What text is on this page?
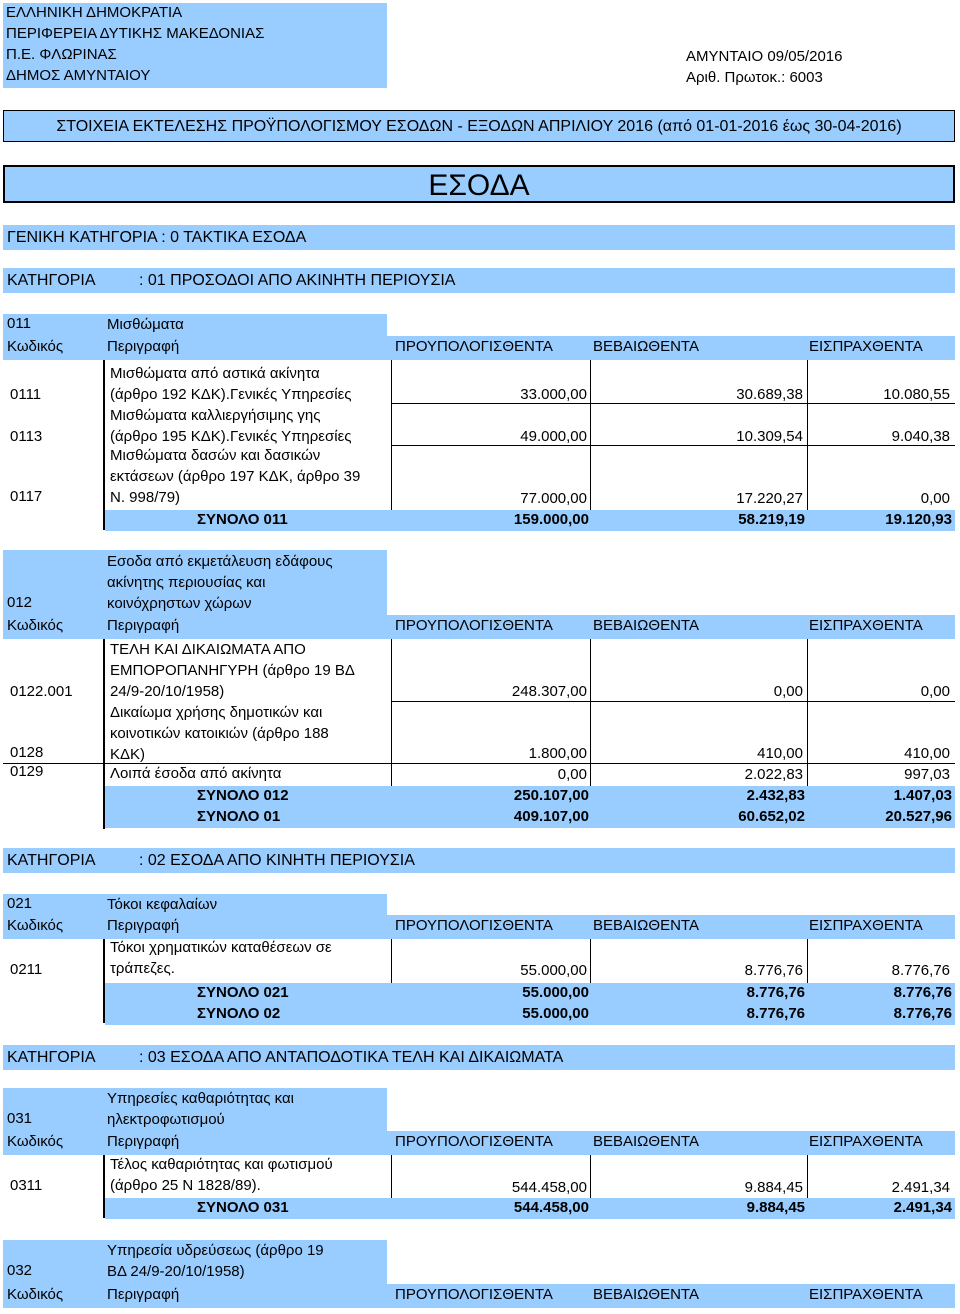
ΕΛΛΗΝΙΚΗ ΔΗΜΟΚΡΑΤΙΑ
ΠΕΡΙΦΕΡΕΙΑ ΔΥΤΙΚΗΣ ΜΑΚΕΔΟΝΙΑΣ
Π.Ε. ΦΛΩΡΙΝΑΣ
ΔΗΜΟΣ ΑΜΥΝΤΑΙΟΥ
ΑΜΥΝΤΑΙΟ 09/05/2016
Αριθ. Πρωτοκ.: 6003
ΣΤΟΙΧΕΙΑ ΕΚΤΕΛΕΣΗΣ ΠΡΟΫΠΟΛΟΓΙΣΜΟΥ ΕΣΟΔΩΝ - ΕΞΟΔΩΝ ΑΠΡΙΛΙΟΥ 2016 (από 01-01-2016 έως 30-04-2016)
ΕΣΟΔΑ
ΓΕΝΙΚΗ ΚΑΤΗΓΟΡΙΑ : 0 ΤΑΚΤΙΚΑ ΕΣΟΔΑ
ΚΑΤΗΓΟΡΙΑ	: 01 ΠΡΟΣΟΔΟΙ ΑΠΟ ΑΚΙΝΗΤΗ ΠΕΡΙΟΥΣΙΑ
011	Μισθώματα
Κωδικός	Περιγραφή	ΠΡΟΥΠΟΛΟΓΙΣΘΕΝΤΑ	ΒΕΒΑΙΩΘΕΝΤΑ	ΕΙΣΠΡΑΧΘΕΝΤΑ
0111
Μισθώματα από αστικά ακίνητα
(άρθρο 192 ΚΔΚ).Γενικές Υπηρεσίες	33.000,00	30.689,38	10.080,55
0113
Μισθώματα καλλιεργήσιμης γης
(άρθρο 195 ΚΔΚ).Γενικές Υπηρεσίες	49.000,00	10.309,54	9.040,38
0117
Μισθώματα δασών και δασικών
εκτάσεων (άρθρο 197 ΚΔΚ, άρθρο 39
Ν. 998/79)	77.000,00	17.220,27	0,00
ΣΥΝΟΛΟ 011	159.000,00	58.219,19	19.120,93
012
Εσοδα από εκμετάλευση εδάφους
ακίνητης περιουσίας και
κοινόχρηστων χώρων
Κωδικός	Περιγραφή	ΠΡΟΥΠΟΛΟΓΙΣΘΕΝΤΑ	ΒΕΒΑΙΩΘΕΝΤΑ	ΕΙΣΠΡΑΧΘΕΝΤΑ
0122.001
ΤΕΛΗ ΚΑΙ ΔΙΚΑΙΩΜΑΤΑ ΑΠΟ
ΕΜΠΟΡΟΠΑΝΗΓΥΡΗ (άρθρο 19 ΒΔ
24/9-20/10/1958)	248.307,00	0,00	0,00
0128
Δικαίωμα χρήσης δημοτικών και
κοινοτικών κατοικιών (άρθρο 188
ΚΔΚ)	1.800,00	410,00	410,00
0129	Λοιπά έσοδα από ακίνητα	0,00	2.022,83	997,03
ΣΥΝΟΛΟ 012	250.107,00	2.432,83	1.407,03
ΣΥΝΟΛΟ 01	409.107,00	60.652,02	20.527,96
ΚΑΤΗΓΟΡΙΑ	: 02 ΕΣΟΔΑ ΑΠΟ ΚΙΝΗΤΗ ΠΕΡΙΟΥΣΙΑ
021	Τόκοι κεφαλαίων
Κωδικός	Περιγραφή	ΠΡΟΥΠΟΛΟΓΙΣΘΕΝΤΑ	ΒΕΒΑΙΩΘΕΝΤΑ	ΕΙΣΠΡΑΧΘΕΝΤΑ
0211
Τόκοι χρηματικών καταθέσεων σε
τράπεζες.	55.000,00	8.776,76	8.776,76
ΣΥΝΟΛΟ 021	55.000,00	8.776,76	8.776,76
ΣΥΝΟΛΟ 02	55.000,00	8.776,76	8.776,76
ΚΑΤΗΓΟΡΙΑ	: 03 ΕΣΟΔΑ ΑΠΟ ΑΝΤΑΠΟΔΟΤΙΚΑ ΤΕΛΗ ΚΑΙ ΔΙΚΑΙΩΜΑΤΑ
031
Υπηρεσίες καθαριότητας και
ηλεκτροφωτισμού
Κωδικός	Περιγραφή	ΠΡΟΥΠΟΛΟΓΙΣΘΕΝΤΑ	ΒΕΒΑΙΩΘΕΝΤΑ	ΕΙΣΠΡΑΧΘΕΝΤΑ
0311
Τέλος καθαριότητας και φωτισμού
(άρθρο 25 Ν 1828/89).	544.458,00	9.884,45	2.491,34
ΣΥΝΟΛΟ 031	544.458,00	9.884,45	2.491,34
032
Υπηρεσία υδρεύσεως (άρθρο 19
ΒΔ 24/9-20/10/1958)
Κωδικός	Περιγραφή	ΠΡΟΥΠΟΛΟΓΙΣΘΕΝΤΑ	ΒΕΒΑΙΩΘΕΝΤΑ	ΕΙΣΠΡΑΧΘΕΝΤΑ
